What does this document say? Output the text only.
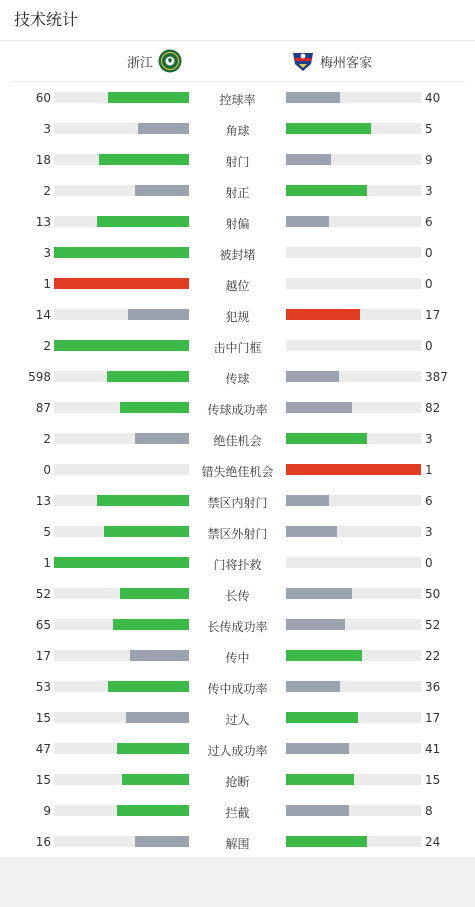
技术统计
浙江	梅州客家
60	控球率	40
3	角球	5
18	射门	9
2	射正	3
13	射偏	6
3	被封堵	0
1	越位	0
14	犯规	17
2	击中门框	0
598	传球	387
87	传球成功率	82
2	绝佳机会	3
0	错失绝佳机会	1
13	禁区内射门	6
5	禁区外射门	3
1	门将扑救	0
52	长传	50
65	长传成功率	52
17	传中	22
53	传中成功率	36
15	过人	17
47	过人成功率	41
15	抢断	15
9	拦截	8
16	解围	24
